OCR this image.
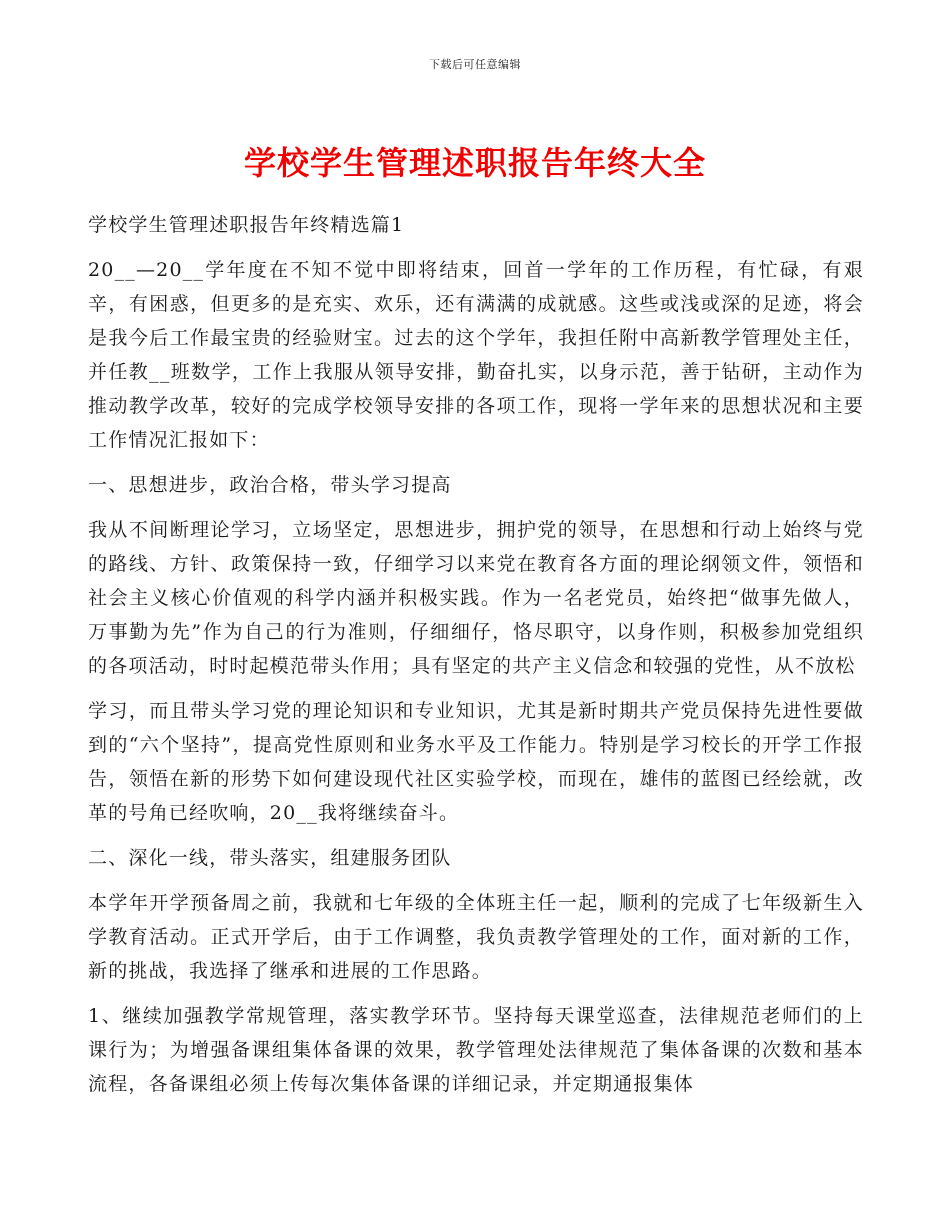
下载后可任意编辑
学校学生管理述职报告年终大全

学校学生管理述职报告年终精选篇1

20__—20__学年度在不知不觉中即将结束，回首一学年的工作历程，有忙碌，有艰辛，有困惑，但更多的是充实、欢乐，还有满满的成就感。这些或浅或深的足迹，将会是我今后工作最宝贵的经验财宝。过去的这个学年，我担任附中高新教学管理处主任，并任教__班数学，工作上我服从领导安排，勤奋扎实，以身示范，善于钻研，主动作为推动教学改革，较好的完成学校领导安排的各项工作，现将一学年来的思想状况和主要工作情况汇报如下：

一、思想进步，政治合格，带头学习提高

我从不间断理论学习，立场坚定，思想进步，拥护党的领导，在思想和行动上始终与党的路线、方针、政策保持一致，仔细学习以来党在教育各方面的理论纲领文件，领悟和社会主义核心价值观的科学内涵并积极实践。作为一名老党员，始终把“做事先做人，万事勤为先”作为自己的行为准则，仔细细仔，恪尽职守，以身作则，积极参加党组织的各项活动，时时起模范带头作用；具有坚定的共产主义信念和较强的党性，从不放松

学习，而且带头学习党的理论知识和专业知识，尤其是新时期共产党员保持先进性要做到的“六个坚持”，提高党性原则和业务水平及工作能力。特别是学习校长的开学工作报告，领悟在新的形势下如何建设现代社区实验学校，而现在，雄伟的蓝图已经绘就，改革的号角已经吹响，20__我将继续奋斗。

二、深化一线，带头落实，组建服务团队

本学年开学预备周之前，我就和七年级的全体班主任一起，顺利的完成了七年级新生入学教育活动。正式开学后，由于工作调整，我负责教学管理处的工作，面对新的工作，新的挑战，我选择了继承和进展的工作思路。

1、继续加强教学常规管理，落实教学环节。坚持每天课堂巡查，法律规范老师们的上课行为；为增强备课组集体备课的效果，教学管理处法律规范了集体备课的次数和基本流程，各备课组必须上传每次集体备课的详细记录，并定期通报集体
